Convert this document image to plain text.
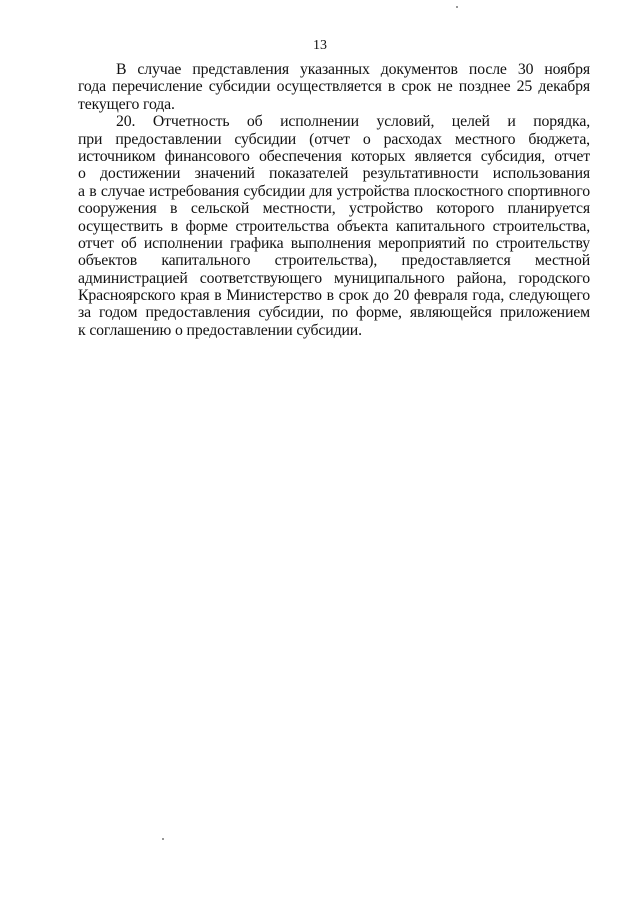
13
В случае представления указанных документов после 30 ноября
года перечисление субсидии осуществляется в срок не позднее 25 декабря
текущего года.
20. Отчетность об исполнении условий, целей и порядка,
при предоставлении субсидии (отчет о расходах местного бюджета,
источником финансового обеспечения которых является субсидия, отчет
о достижении значений показателей результативности использования
а в случае истребования субсидии для устройства плоскостного спортивного
сооружения в сельской местности, устройство которого планируется
осуществить в форме строительства объекта капитального строительства,
отчет об исполнении графика выполнения мероприятий по строительству
объектов капитального строительства), предоставляется местной
администрацией соответствующего муниципального района, городского
Красноярского края в Министерство в срок до 20 февраля года, следующего
за годом предоставления субсидии, по форме, являющейся приложением
к соглашению о предоставлении субсидии.
